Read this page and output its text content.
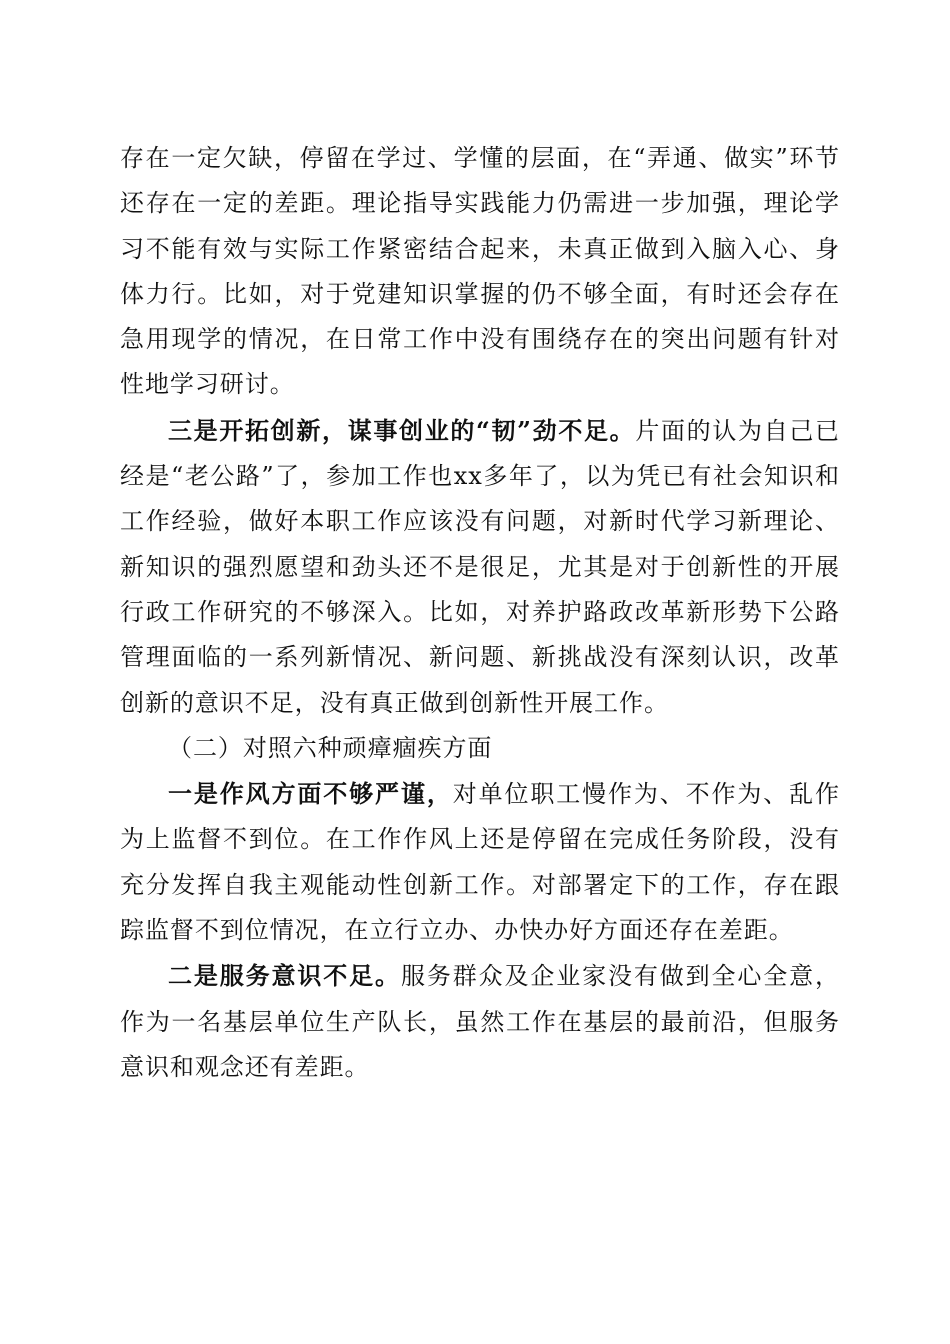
存在一定欠缺，停留在学过、学懂的层面，在“弄通、做实”环节还存在一定的差距。理论指导实践能力仍需进一步加强，理论学习不能有效与实际工作紧密结合起来，未真正做到入脑入心、身体力行。比如，对于党建知识掌握的仍不够全面，有时还会存在急用现学的情况，在日常工作中没有围绕存在的突出问题有针对性地学习研讨。

三是开拓创新，谋事创业的“韧”劲不足。片面的认为自己已经是“老公路”了，参加工作也xx多年了，以为凭已有社会知识和工作经验，做好本职工作应该没有问题，对新时代学习新理论、新知识的强烈愿望和劲头还不是很足，尤其是对于创新性的开展行政工作研究的不够深入。比如，对养护路政改革新形势下公路管理面临的一系列新情况、新问题、新挑战没有深刻认识，改革创新的意识不足，没有真正做到创新性开展工作。

（二）对照六种顽瘴痼疾方面

一是作风方面不够严谨，对单位职工慢作为、不作为、乱作为上监督不到位。在工作作风上还是停留在完成任务阶段，没有充分发挥自我主观能动性创新工作。对部署定下的工作，存在跟踪监督不到位情况，在立行立办、办快办好方面还存在差距。

二是服务意识不足。服务群众及企业家没有做到全心全意，作为一名基层单位生产队长，虽然工作在基层的最前沿，但服务意识和观念还有差距。
